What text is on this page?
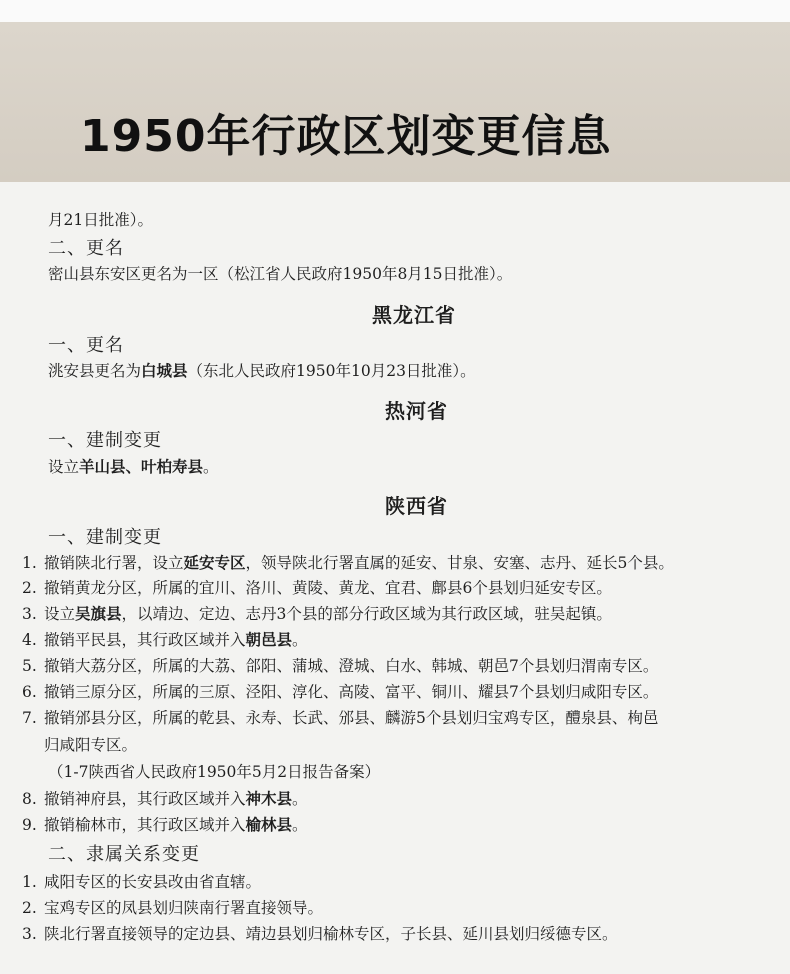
1950年行政区划变更信息
月21日批准）。
二、更名
密山县东安区更名为一区（松江省人民政府1950年8月15日批准）。
黑龙江省
一、更名
洮安县更名为白城县（东北人民政府1950年10月23日批准）。
热河省
一、建制变更
设立羊山县、叶柏寿县。
陕西省
一、建制变更
1. 撤销陕北行署，设立延安专区，领导陕北行署直属的延安、甘泉、安塞、志丹、延长5个县。
2. 撤销黄龙分区，所属的宜川、洛川、黄陵、黄龙、宜君、鄜县6个县划归延安专区。
3. 设立吴旗县，以靖边、定边、志丹3个县的部分行政区域为其行政区域，驻吴起镇。
4. 撤销平民县，其行政区域并入朝邑县。
5. 撤销大荔分区，所属的大荔、郃阳、蒲城、澄城、白水、韩城、朝邑7个县划归渭南专区。
6. 撤销三原分区，所属的三原、泾阳、淳化、高陵、富平、铜川、耀县7个县划归咸阳专区。
7. 撤销邠县分区，所属的乾县、永寿、长武、邠县、麟游5个县划归宝鸡专区，醴泉县、栒邑
归咸阳专区。
（1-7陕西省人民政府1950年5月2日报告备案）
8. 撤销神府县，其行政区域并入神木县。
9. 撤销榆林市，其行政区域并入榆林县。
二、隶属关系变更
1. 咸阳专区的长安县改由省直辖。
2. 宝鸡专区的凤县划归陕南行署直接领导。
3. 陕北行署直接领导的定边县、靖边县划归榆林专区，子长县、延川县划归绥德专区。
